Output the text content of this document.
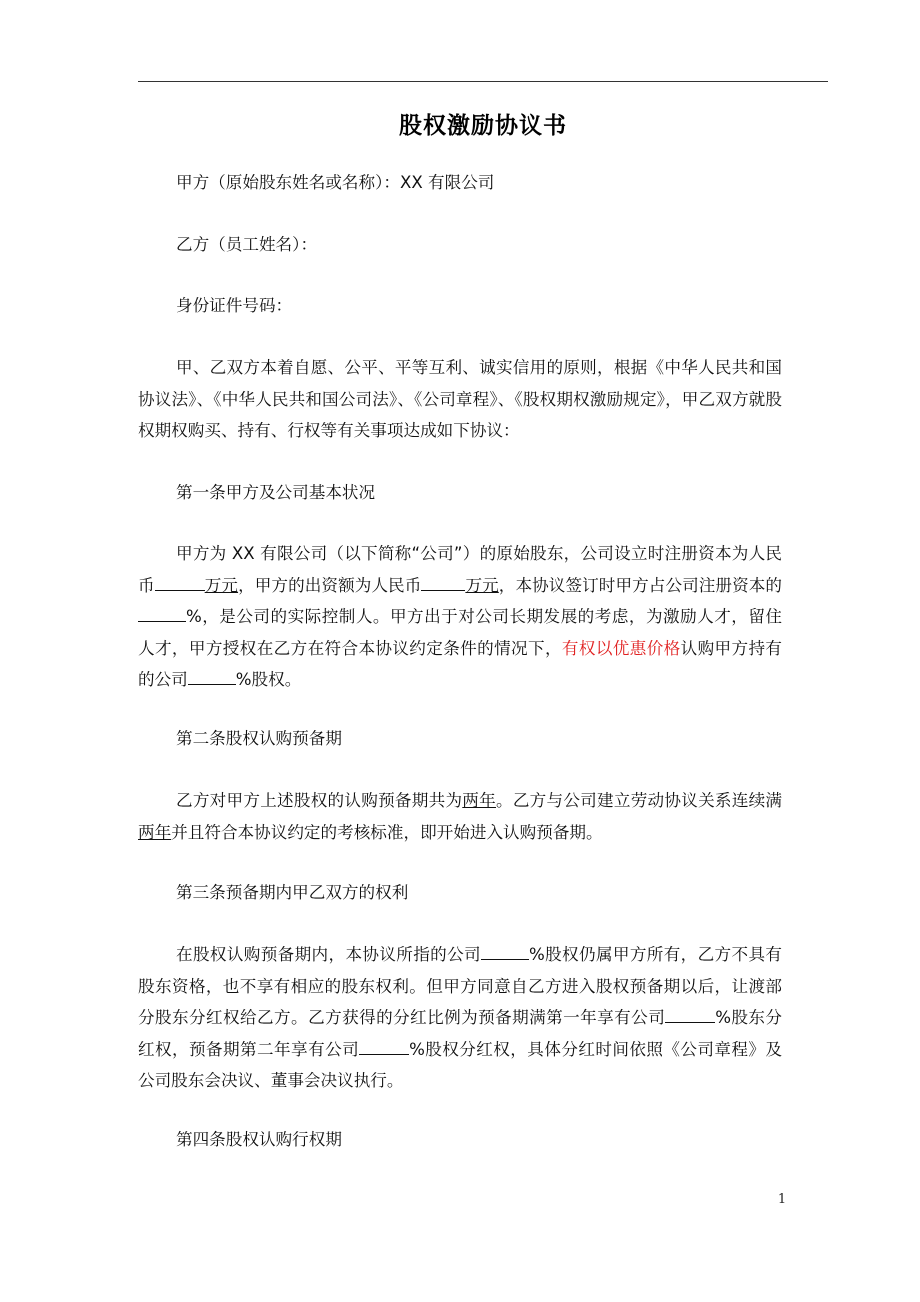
股权激励协议书

甲方（原始股东姓名或名称）：XX 有限公司

乙方（员工姓名）：

身份证件号码：

甲、乙双方本着自愿、公平、平等互利、诚实信用的原则，根据《中华人民共和国协议法》、《中华人民共和国公司法》、《公司章程》、《股权期权激励规定》，甲乙双方就股权期权购买、持有、行权等有关事项达成如下协议：

第一条甲方及公司基本状况

甲方为 XX 有限公司（以下简称“公司”）的原始股东，公司设立时注册资本为人民币	万元，甲方的出资额为人民币	万元，本协议签订时甲方占公司注册资本的%，是公司的实际控制人。甲方出于对公司长期发展的考虑，为激励人才，留住人才，甲方授权在乙方在符合本协议约定条件的情况下，有权以优惠价格认购甲方持有的公司	%股权。

第二条股权认购预备期

乙方对甲方上述股权的认购预备期共为两年。乙方与公司建立劳动协议关系连续满两年并且符合本协议约定的考核标准，即开始进入认购预备期。

第三条预备期内甲乙双方的权利

在股权认购预备期内，本协议所指的公司	%股权仍属甲方所有，乙方不具有股东资格，也不享有相应的股东权利。但甲方同意自乙方进入股权预备期以后，让渡部分股东分红权给乙方。乙方获得的分红比例为预备期满第一年享有公司	%股东分红权，预备期第二年享有公司	%股权分红权，具体分红时间依照《公司章程》及公司股东会决议、董事会决议执行。

第四条股权认购行权期

1
